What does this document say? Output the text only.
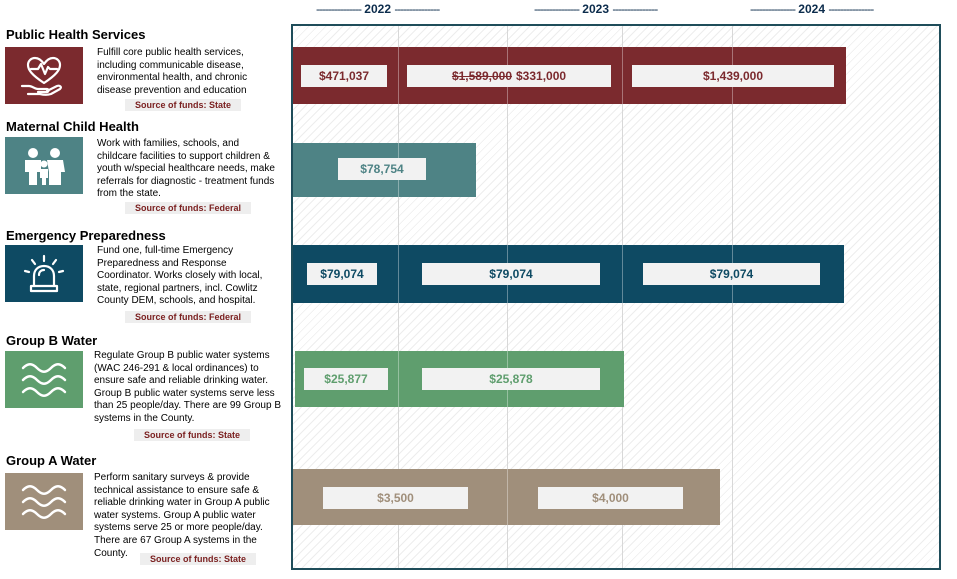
--------------- 2022 ---------------	--------------- 2023 ---------------	--------------- 2024 ---------------
Public Health Services
Fulfill core public health services, including communicable disease, environmental health, and chronic disease prevention and education
Source of funds: State
Maternal Child Health
Work with families, schools, and childcare facilities to support children & youth w/special healthcare needs, make referrals for diagnostic - treatment funds from the state.
Source of funds: Federal
Emergency Preparedness
Fund one, full-time Emergency Preparedness and Response Coordinator. Works closely with local, state, regional partners, incl. Cowlitz County DEM, schools, and hospital.
Source of funds: Federal
Group B Water
Regulate Group B public water systems (WAC 246-291 & local ordinances) to ensure safe and reliable drinking water. Group B public water systems serve less than 25 people/day. There are 99 Group B systems in the County.
Source of funds: State
Group A Water
Perform sanitary surveys & provide technical assistance to ensure safe & reliable drinking water in Group A public water systems. Group A public water systems serve 25 or more people/day. There are 67 Group A systems in the County.
Source of funds: State
$471,037	$1,589,000 $331,000	$1,439,000
$78,754
$79,074	$79,074	$79,074
$25,877	$25,878
$3,500	$4,000
